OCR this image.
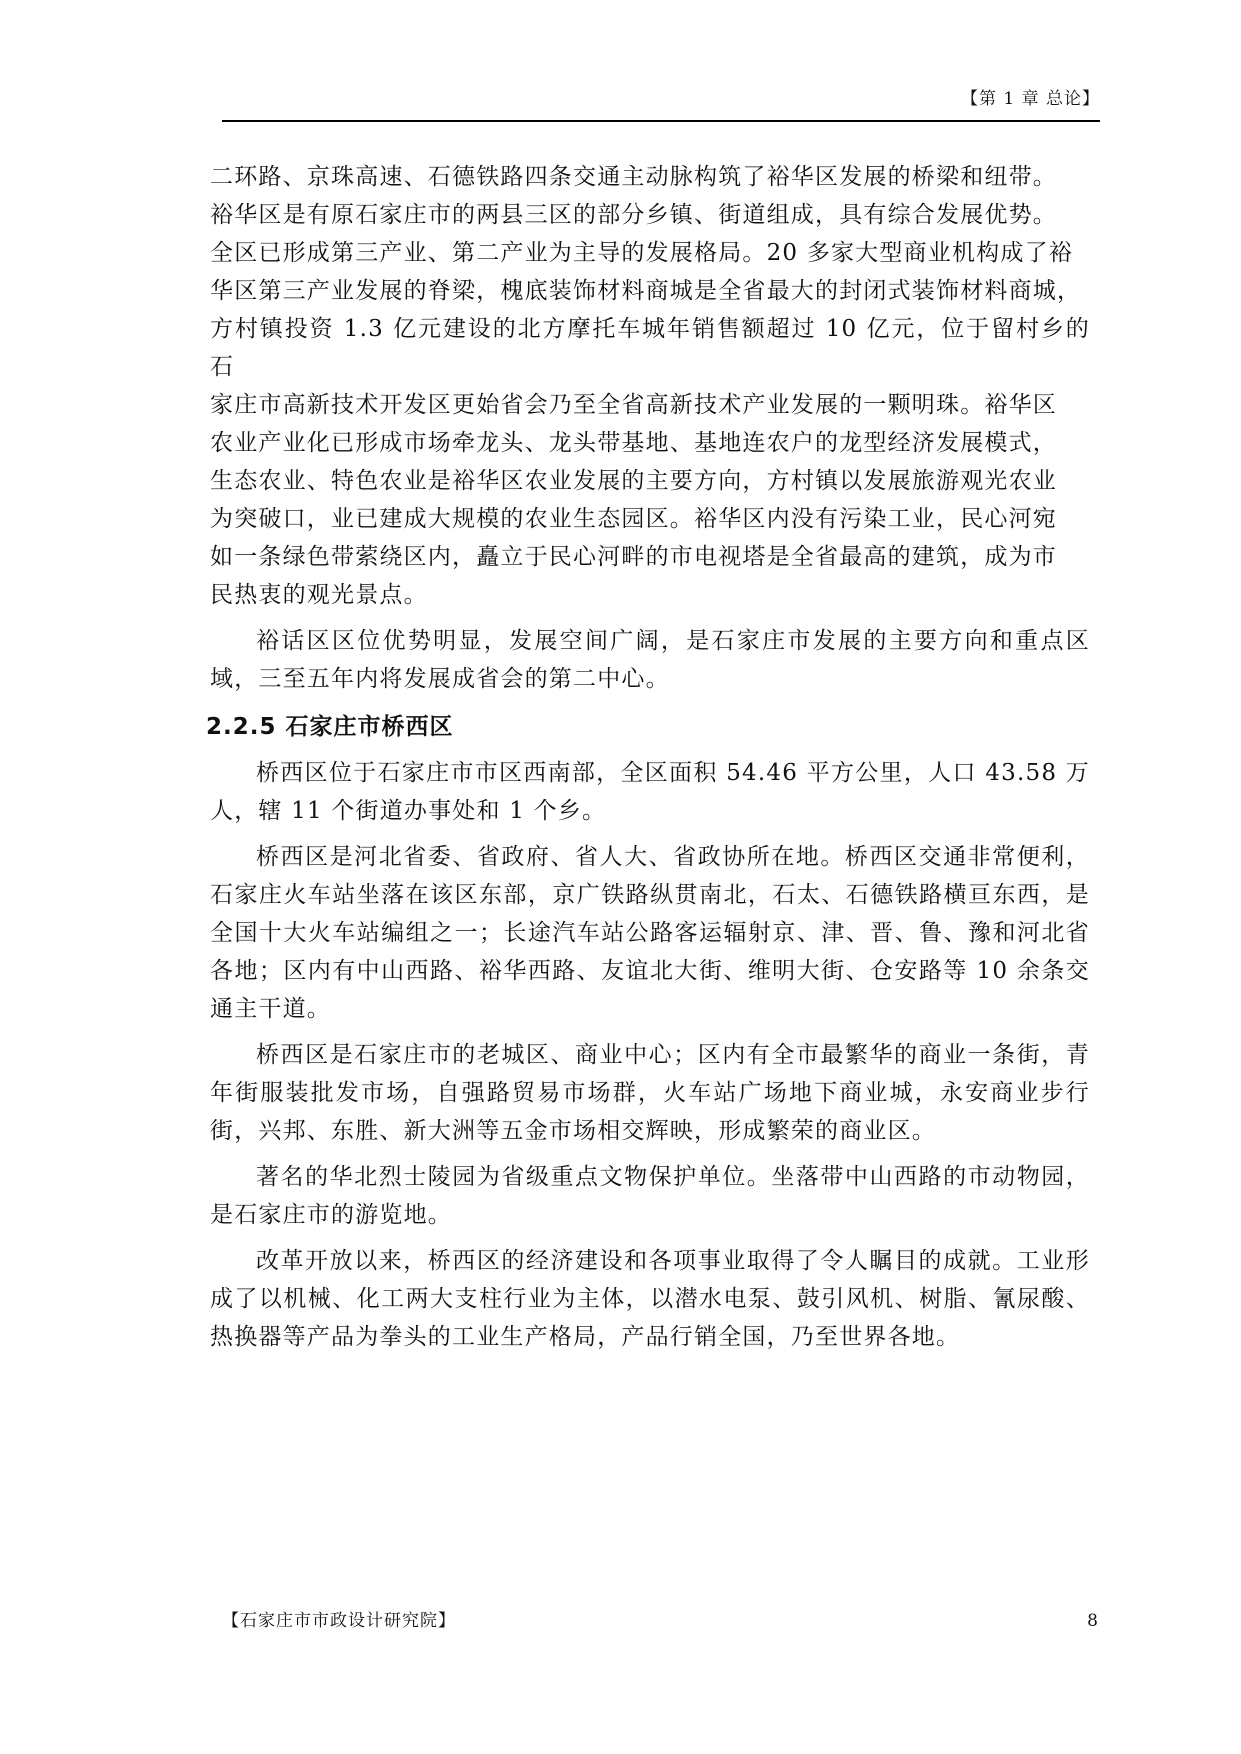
【第 1 章 总论】
二环路、京珠高速、石德铁路四条交通主动脉构筑了裕华区发展的桥梁和纽带。
裕华区是有原石家庄市的两县三区的部分乡镇、街道组成，具有综合发展优势。
全区已形成第三产业、第二产业为主导的发展格局。20 多家大型商业机构成了裕
华区第三产业发展的脊梁，槐底装饰材料商城是全省最大的封闭式装饰材料商城，
方村镇投资 1.3 亿元建设的北方摩托车城年销售额超过 10 亿元，位于留村乡的石
家庄市高新技术开发区更始省会乃至全省高新技术产业发展的一颗明珠。裕华区
农业产业化已形成市场牵龙头、龙头带基地、基地连农户的龙型经济发展模式，
生态农业、特色农业是裕华区农业发展的主要方向，方村镇以发展旅游观光农业
为突破口，业已建成大规模的农业生态园区。裕华区内没有污染工业，民心河宛
如一条绿色带萦绕区内，矗立于民心河畔的市电视塔是全省最高的建筑，成为市
民热衷的观光景点。

裕话区区位优势明显，发展空间广阔，是石家庄市发展的主要方向和重点区域，三至五年内将发展成省会的第二中心。

2.2.5 石家庄市桥西区

桥西区位于石家庄市市区西南部，全区面积 54.46 平方公里，人口 43.58 万人，辖 11 个街道办事处和 1 个乡。

桥西区是河北省委、省政府、省人大、省政协所在地。桥西区交通非常便利，石家庄火车站坐落在该区东部，京广铁路纵贯南北，石太、石德铁路横亘东西，是全国十大火车站编组之一；长途汽车站公路客运辐射京、津、晋、鲁、豫和河北省各地；区内有中山西路、裕华西路、友谊北大街、维明大街、仓安路等 10 余条交通主干道。

桥西区是石家庄市的老城区、商业中心；区内有全市最繁华的商业一条街，青年街服装批发市场，自强路贸易市场群，火车站广场地下商业城，永安商业步行街，兴邦、东胜、新大洲等五金市场相交辉映，形成繁荣的商业区。

著名的华北烈士陵园为省级重点文物保护单位。坐落带中山西路的市动物园，是石家庄市的游览地。

改革开放以来，桥西区的经济建设和各项事业取得了令人瞩目的成就。工业形成了以机械、化工两大支柱行业为主体，以潜水电泵、鼓引风机、树脂、氰尿酸、热换器等产品为拳头的工业生产格局，产品行销全国，乃至世界各地。

【石家庄市市政设计研究院】	8
